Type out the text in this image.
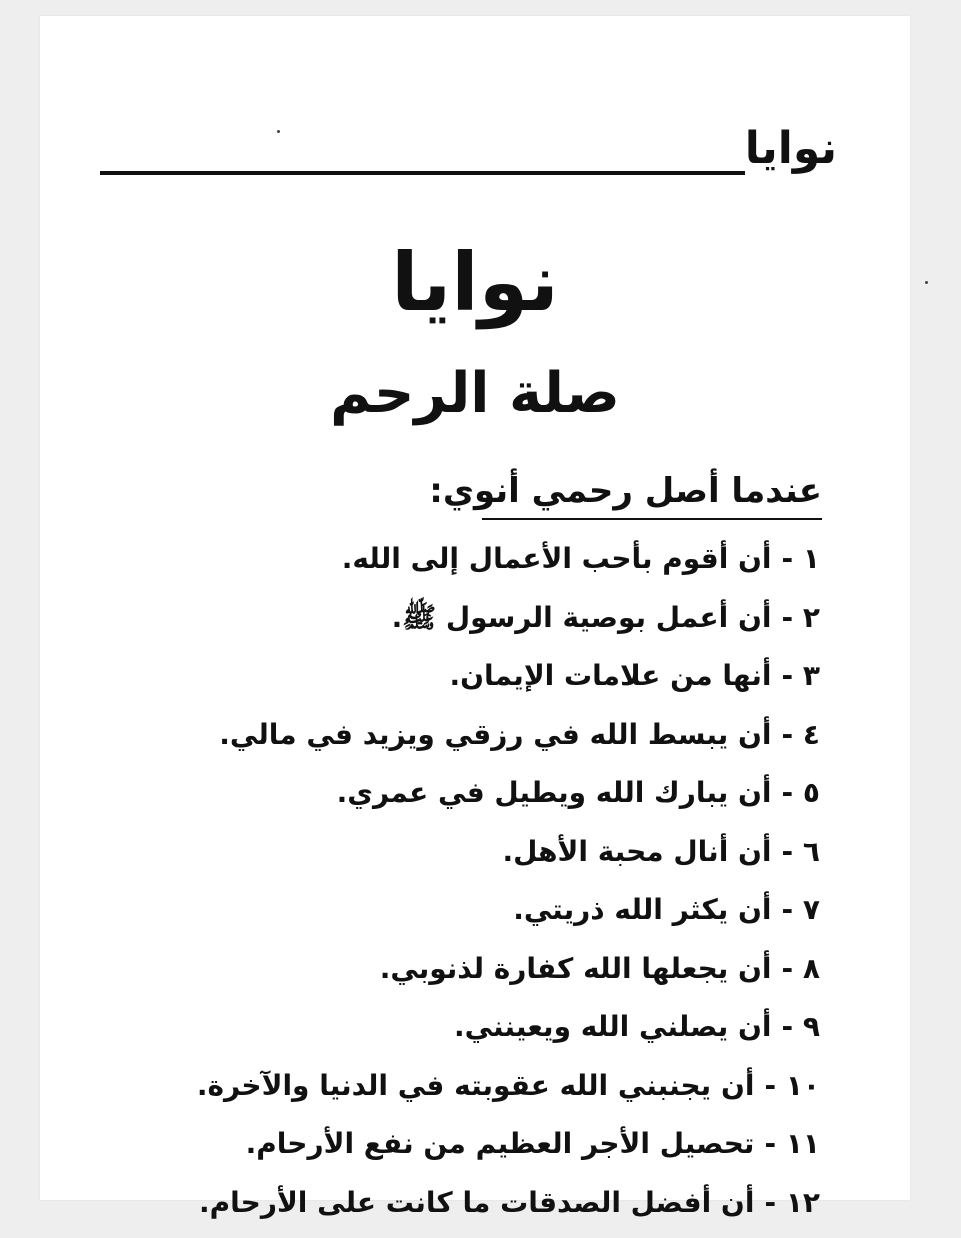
نوايا
نوايا
صلة الرحم
عندما أصل رحمي أنوي:
١ -
أن أقوم بأحب الأعمال إلى الله.
٢ -
أن أعمل بوصية الرسول ﷺ.
٣ -
أنها من علامات الإيمان.
٤ -
أن يبسط الله في رزقي ويزيد في مالي.
٥ -
أن يبارك الله ويطيل في عمري.
٦ -
أن أنال محبة الأهل.
٧ -
أن يكثر الله ذريتي.
٨ -
أن يجعلها الله كفارة لذنوبي.
٩ -
أن يصلني الله ويعينني.
١٠ -
أن يجنبني الله عقوبته في الدنيا والآخرة.
١١ -
تحصيل الأجر العظيم من نفع الأرحام.
١٢ -
أن أفضل الصدقات ما كانت على الأرحام.
